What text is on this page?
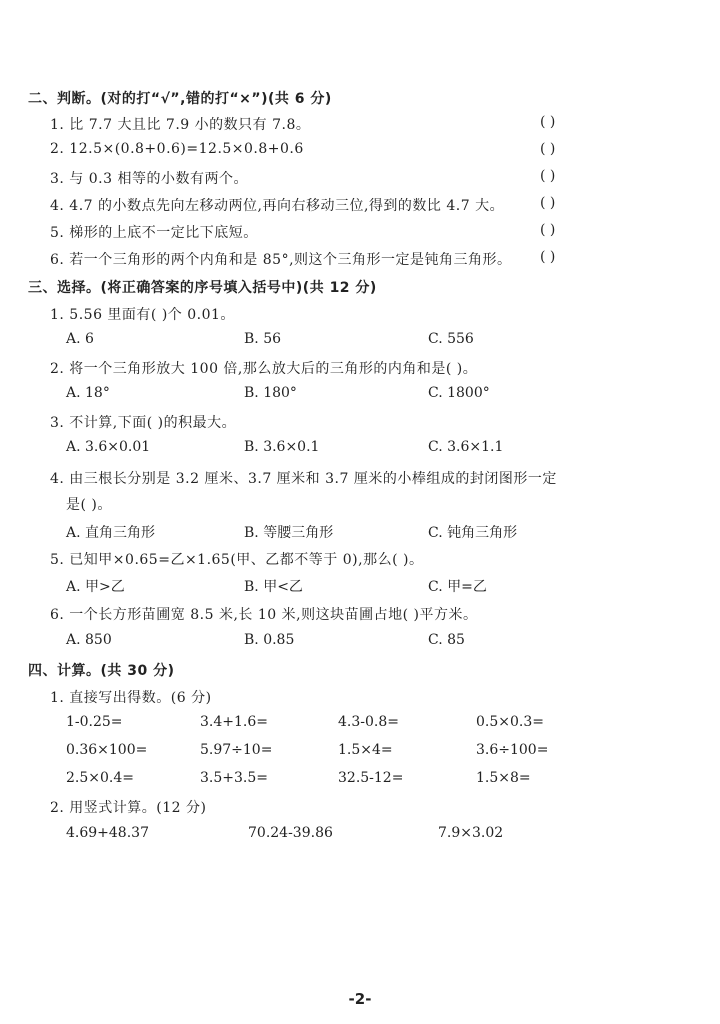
二、判断。(对的打“√”,错的打“×”)(共 6 分)
1. 比 7.7 大且比 7.9 小的数只有 7.8。	( )
2. 12.5×(0.8+0.6)=12.5×0.8+0.6	( )
3. 与 0.3 相等的小数有两个。	( )
4. 4.7 的小数点先向左移动两位,再向右移动三位,得到的数比 4.7 大。	( )
5. 梯形的上底不一定比下底短。	( )
6. 若一个三角形的两个内角和是 85°,则这个三角形一定是钝角三角形。 ( )
三、选择。(将正确答案的序号填入括号中)(共 12 分)
1. 5.56 里面有( )个 0.01。
A. 6	B. 56	C. 556
2. 将一个三角形放大 100 倍,那么放大后的三角形的内角和是( )。
A. 18°	B. 180°	C. 1800°
3. 不计算,下面( )的积最大。
A. 3.6×0.01	B. 3.6×0.1	C. 3.6×1.1
4. 由三根长分别是 3.2 厘米、3.7 厘米和 3.7 厘米的小棒组成的封闭图形一定
是( )。
A. 直角三角形	B. 等腰三角形	C. 钝角三角形
5. 已知甲×0.65=乙×1.65(甲、乙都不等于 0),那么( )。
A. 甲>乙	B. 甲<乙	C. 甲=乙
6. 一个长方形苗圃宽 8.5 米,长 10 米,则这块苗圃占地( )平方米。
A. 850	B. 0.85	C. 85
四、计算。(共 30 分)
1. 直接写出得数。(6 分)
1-0.25=	3.4+1.6=	4.3-0.8=	0.5×0.3=
0.36×100=	5.97÷10=	1.5×4=	3.6÷100=
2.5×0.4=	3.5+3.5=	32.5-12=	1.5×8=
2. 用竖式计算。(12 分)
4.69+48.37	70.24-39.86	7.9×3.02
-2-
